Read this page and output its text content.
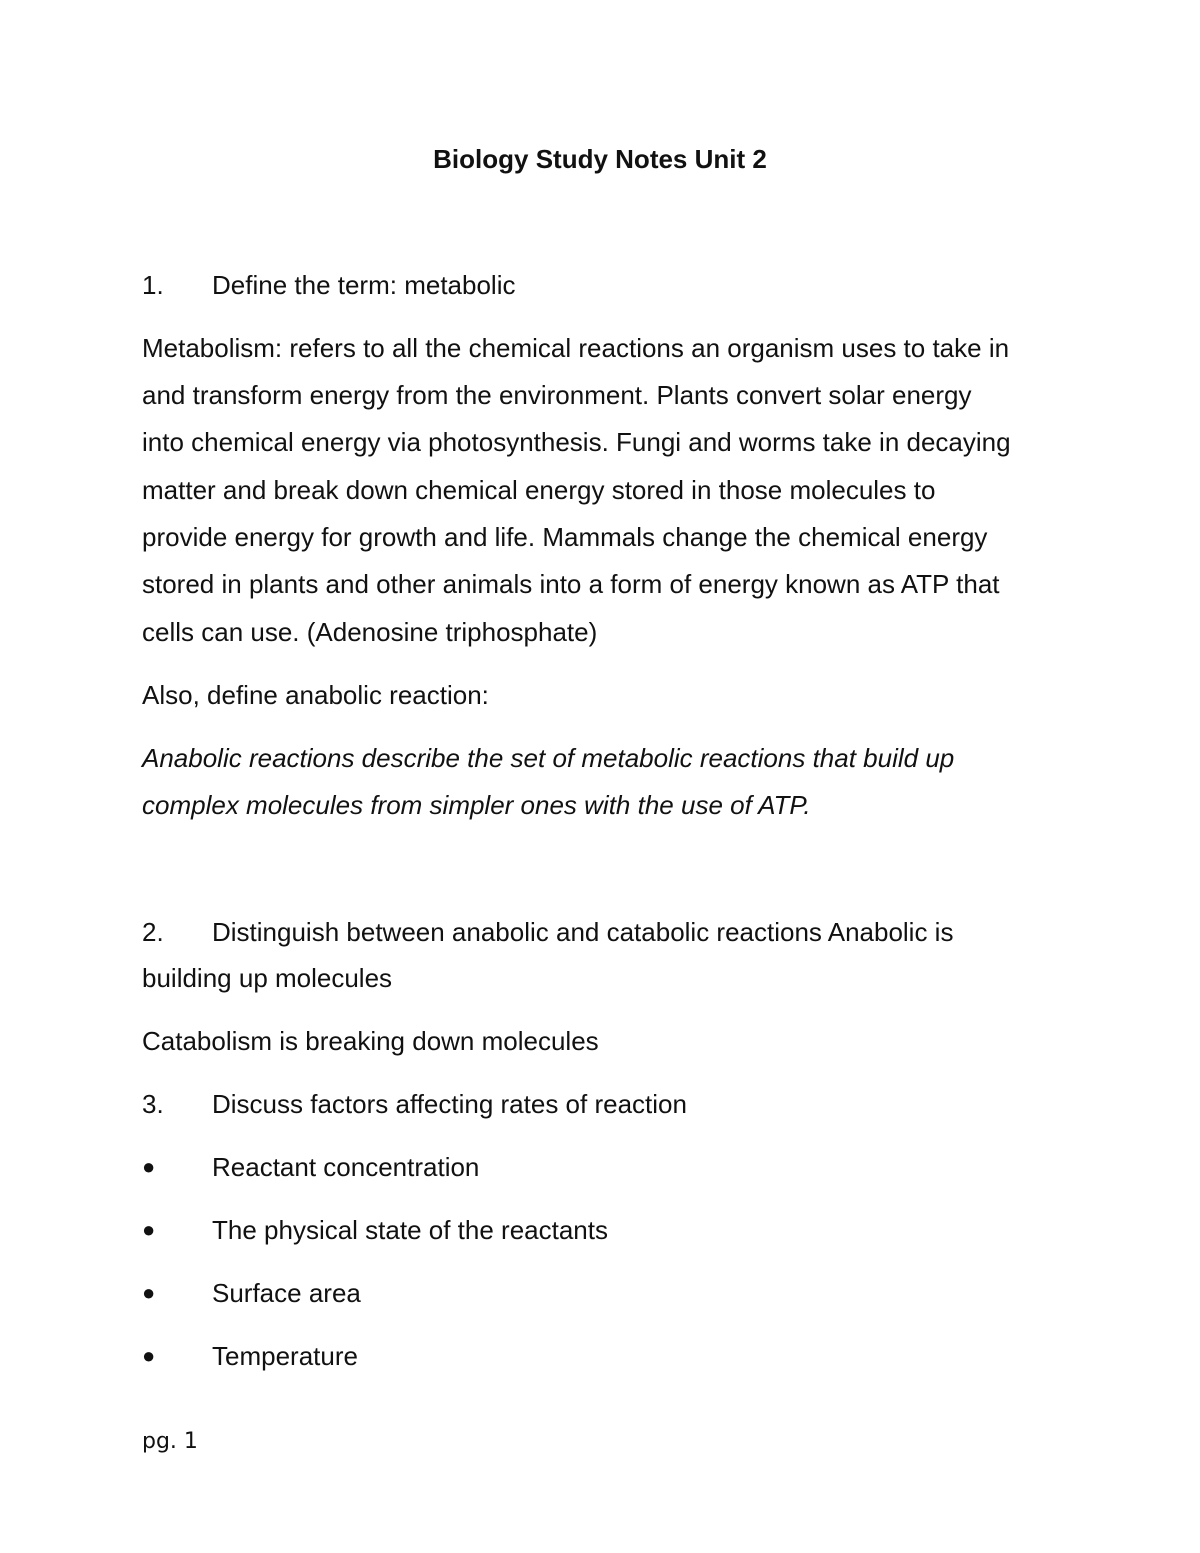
Biology Study Notes Unit 2
1. Define the term: metabolic
Metabolism: refers to all the chemical reactions an organism uses to take in
and transform energy from the environment. Plants convert solar energy
into chemical energy via photosynthesis. Fungi and worms take in decaying
matter and break down chemical energy stored in those molecules to
provide energy for growth and life. Mammals change the chemical energy
stored in plants and other animals into a form of energy known as ATP that
cells can use. (Adenosine triphosphate)
Also, define anabolic reaction:
Anabolic reactions describe the set of metabolic reactions that build up
complex molecules from simpler ones with the use of ATP.
2. Distinguish between anabolic and catabolic reactions Anabolic is
building up molecules
Catabolism is breaking down molecules
3. Discuss factors affecting rates of reaction
● Reactant concentration
● The physical state of the reactants
● Surface area
● Temperature
pg. 1
